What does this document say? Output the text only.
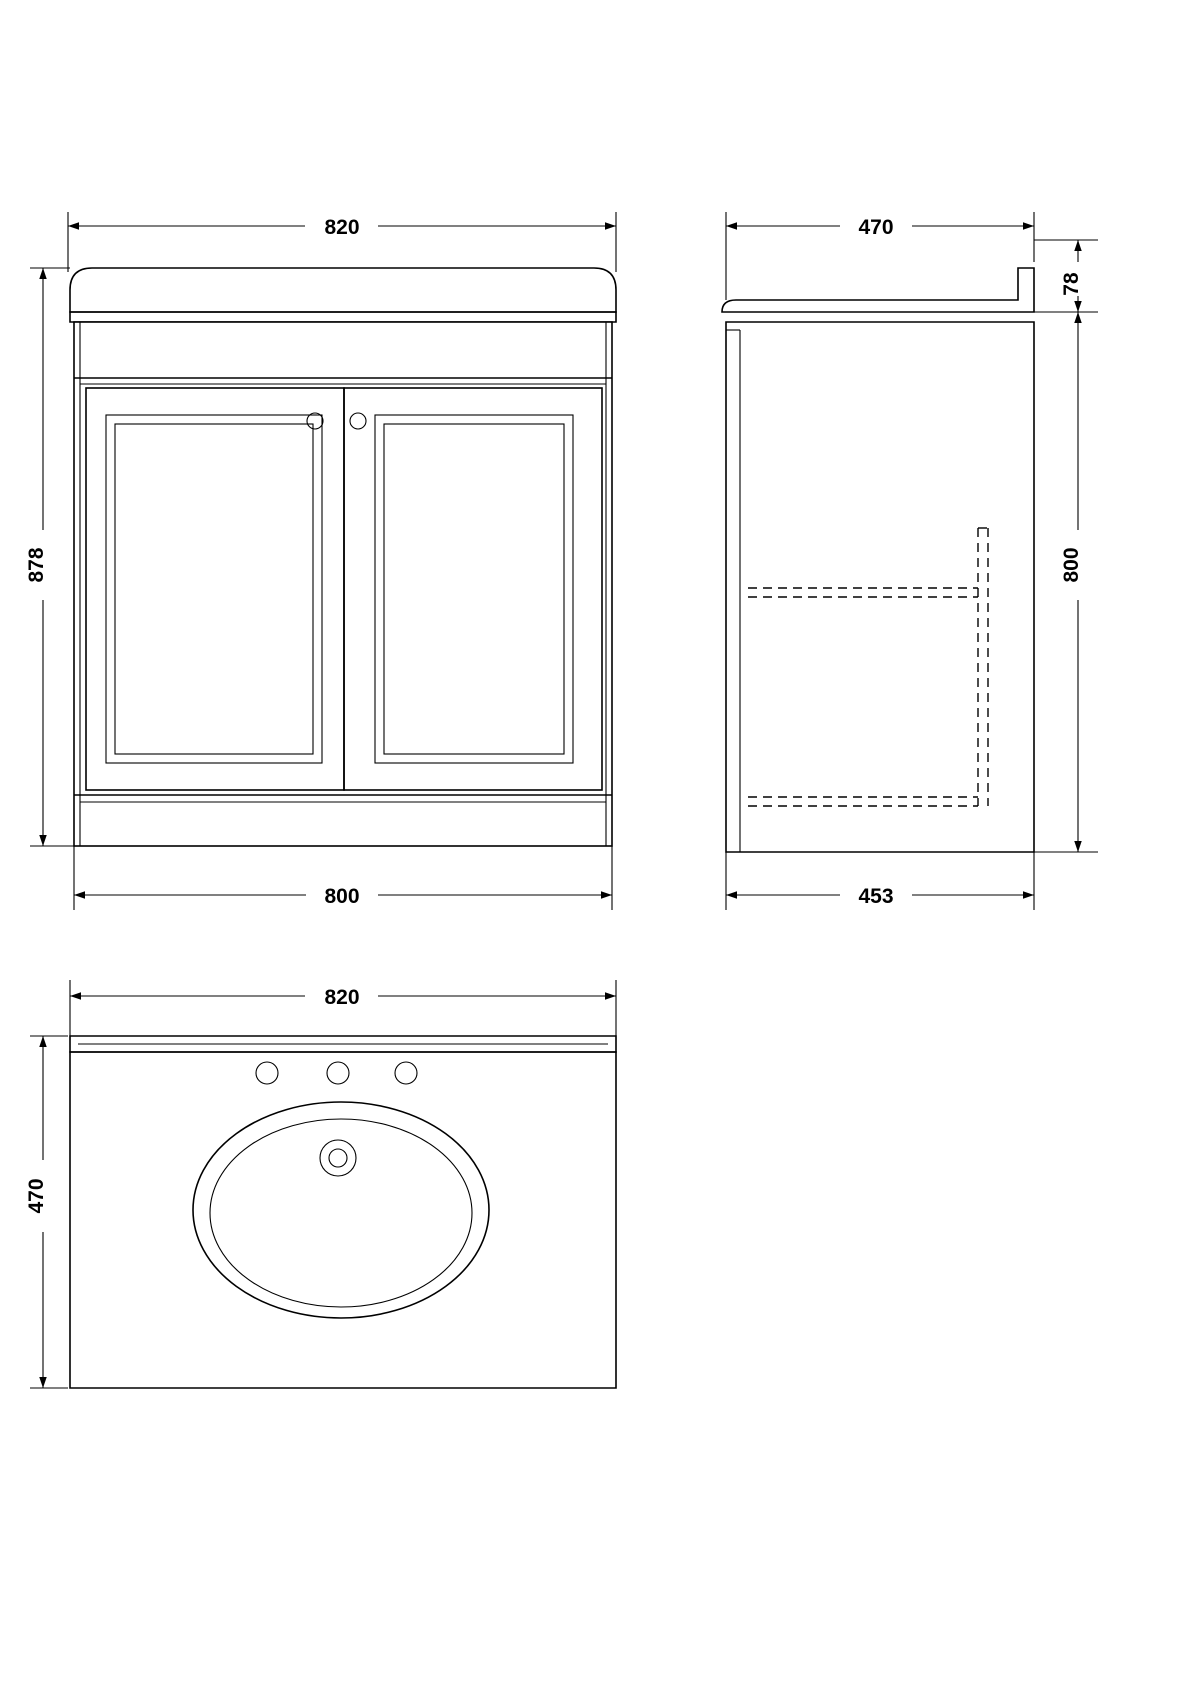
820
800
878
470
453
78
800
820
470
